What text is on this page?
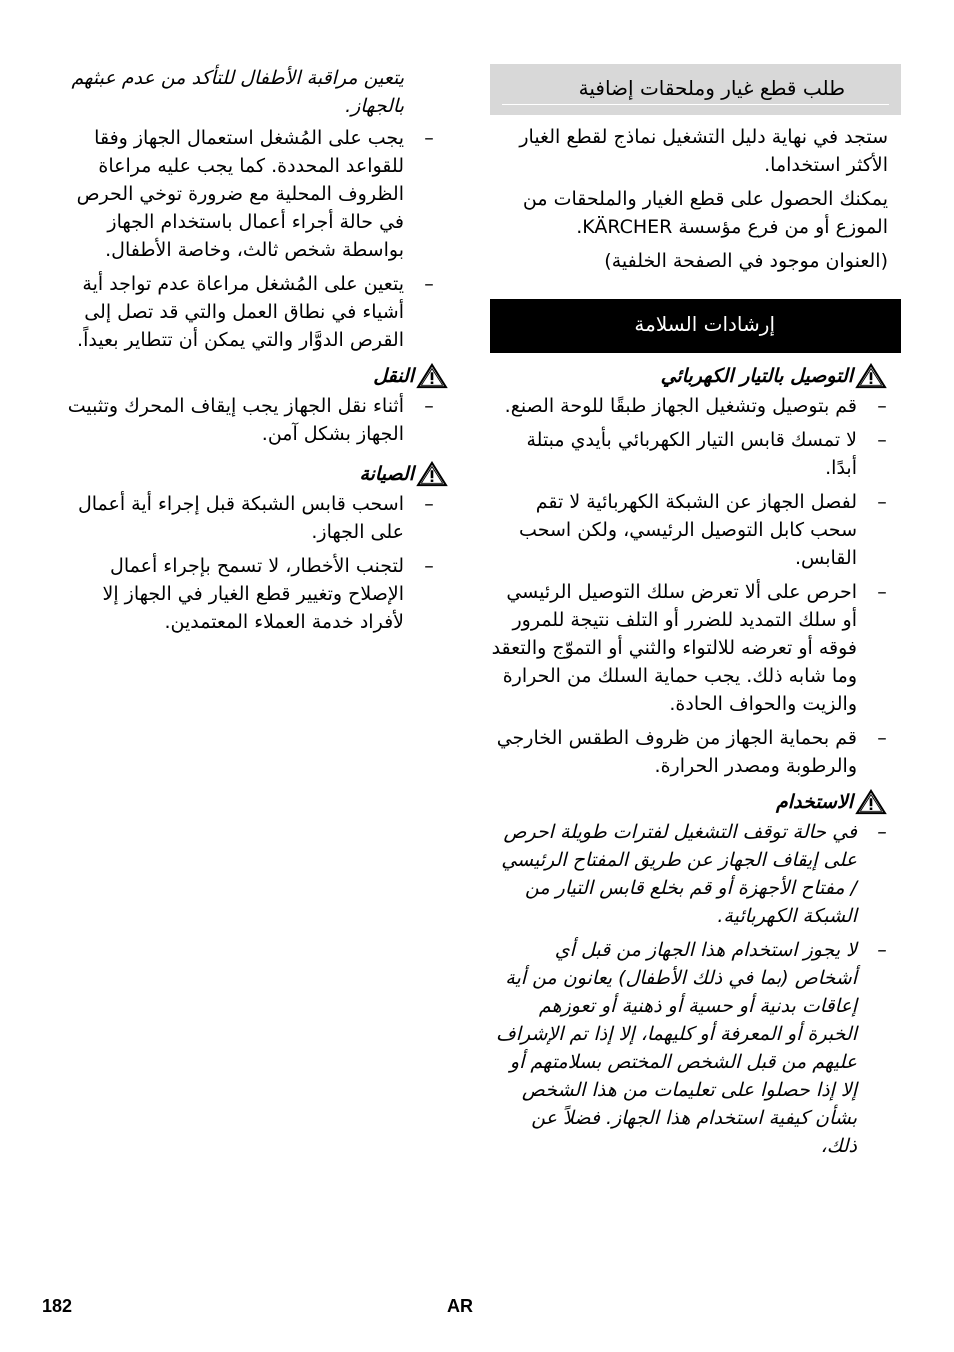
طلب قطع غيار وملحقات إضافية

ستجد في نهاية دليل التشغيل نماذج لقطع الغيار الأكثر استخداما.

يمكنك الحصول على قطع الغيار والملحقات من الموزع أو من فرع مؤسسة KÄRCHER.

(العنوان موجود في الصفحة الخلفية)

إرشادات السلامة
التوصيل بالتيار الكهربائي
–
قم بتوصيل وتشغيل الجهاز طبقًا للوحة الصنع.
–
لا تمسك قابس التيار الكهربائي بأيدي مبتلة أبدًا.
–
لفصل الجهاز عن الشبكة الكهربائية لا تقم سحب كابل التوصيل الرئيسي، ولكن اسحب القابس.
–
احرص على ألا تعرض سلك التوصيل الرئيسي أو سلك التمديد للضرر أو التلف نتيجة للمرور فوقه أو تعرضه للالتواء والثني أو التموّج والتعقد وما شابه ذلك. يجب حماية السلك من الحرارة والزيت والحواف الحادة.
–
قم بحماية الجهاز من ظروف الطقس الخارجي والرطوبة ومصدر الحرارة.
الاستخدام
–
في حالة توقف التشغيل لفترات طويلة احرص على إيقاف الجهاز عن طريق المفتاح الرئيسي / مفتاح الأجهزة أو قم بخلع قابس التيار من الشبكة الكهربائية.
–
لا يجوز استخدام هذا الجهاز من قبل أي أشخاص (بما في ذلك الأطفال) يعانون من أية إعاقات بدنية أو حسية أو ذهنية أو تعوزهم الخبرة أو المعرفة أو كليهما، إلا إذا تم الإشراف عليهم من قبل الشخص المختص بسلامتهم أو إلا إذا حصلوا على تعليمات من هذا الشخص بشأن كيفية استخدام هذا الجهاز. فضلاً عن ذلك،
يتعين مراقبة الأطفال للتأكد من عدم عبثهم بالجهاز.
–
يجب على المُشغل استعمال الجهاز وفقا للقواعد المحددة. كما يجب عليه مراعاة الظروف المحلية مع ضرورة توخي الحرص في حالة أجراء أعمال باستخدام الجهاز بواسطة شخص ثالث، وخاصة الأطفال.
–
يتعين على المُشغل مراعاة عدم تواجد أية أشياء في نطاق العمل والتي قد تصل إلى القرص الدوَّار والتي يمكن أن تتطاير بعيداً.
النقل
–
أثناء نقل الجهاز يجب إيقاف المحرك وتثبيت الجهاز بشكل آمن.
الصيانة
–
اسحب قابس الشبكة قبل إجراء أية أعمال على الجهاز.
–
لتجنب الأخطار، لا تسمح بإجراء أعمال الإصلاح وتغيير قطع الغيار في الجهاز إلا لأفراد خدمة العملاء المعتمدين.
182	AR
